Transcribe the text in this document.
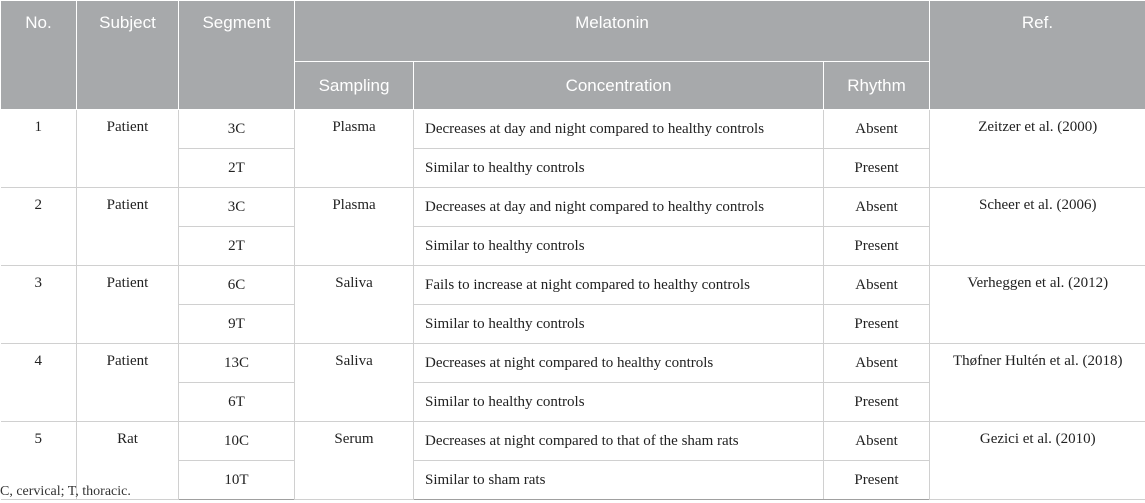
No.	Subject	Segment	Melatonin			Ref.
			Sampling	Concentration	Rhythm	
1	Patient	3C	Plasma	Decreases at day and night compared to healthy controls	Absent	Zeitzer et al. (2000)
		2T		Similar to healthy controls	Present	
2	Patient	3C	Plasma	Decreases at day and night compared to healthy controls	Absent	Scheer et al. (2006)
		2T		Similar to healthy controls	Present	
3	Patient	6C	Saliva	Fails to increase at night compared to healthy controls	Absent	Verheggen et al. (2012)
		9T		Similar to healthy controls	Present	
4	Patient	13C	Saliva	Decreases at night compared to healthy controls	Absent	Thøfner Hultén et al. (2018)
		6T		Similar to healthy controls	Present	
5	Rat	10C	Serum	Decreases at night compared to that of the sham rats	Absent	Gezici et al. (2010)
		10T		Similar to sham rats	Present	
C, cervical; T, thoracic.
